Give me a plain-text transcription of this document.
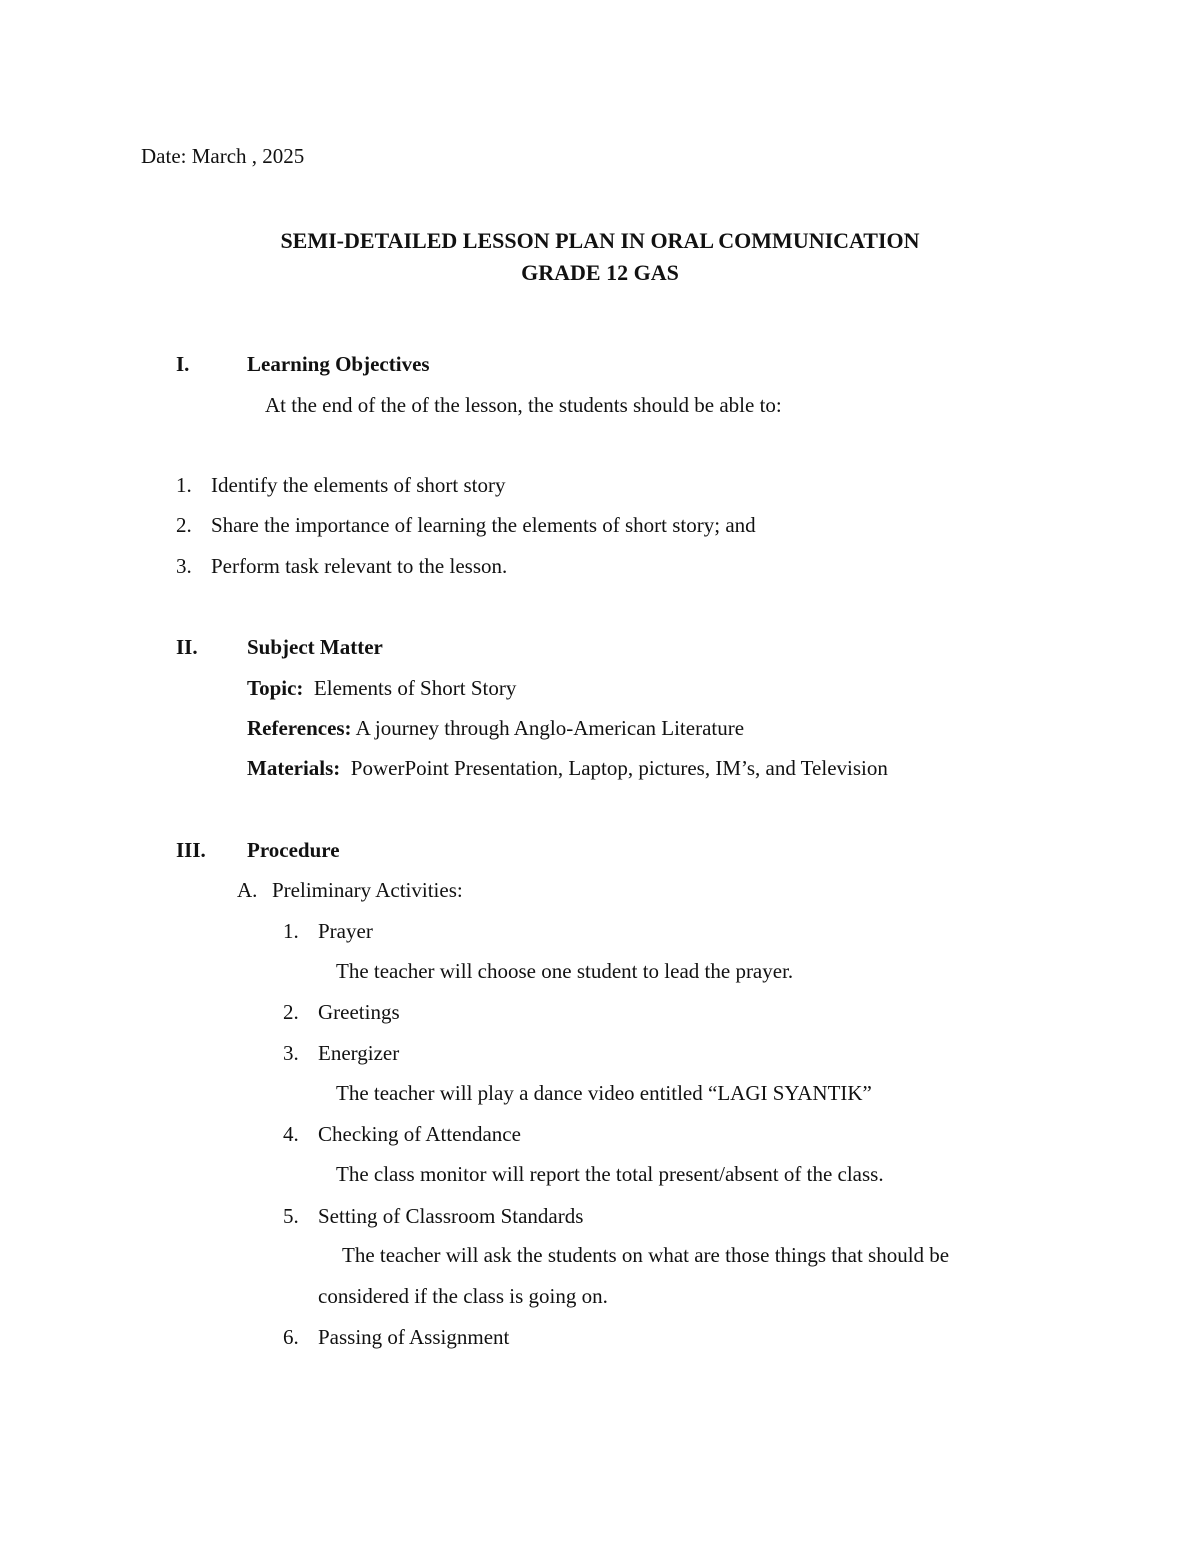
Date: March , 2025
SEMI-DETAILED LESSON PLAN IN ORAL COMMUNICATION
GRADE 12 GAS
I.	Learning Objectives
At the end of the of the lesson, the students should be able to:
1. Identify the elements of short story
2. Share the importance of learning the elements of short story; and
3. Perform task relevant to the lesson.
II. Subject Matter
Topic: Elements of Short Story
References: A journey through Anglo-American Literature
Materials: PowerPoint Presentation, Laptop, pictures, IM’s, and Television
III. Procedure
A. Preliminary Activities:
1. Prayer
The teacher will choose one student to lead the prayer.
2. Greetings
3. Energizer
The teacher will play a dance video entitled “LAGI SYANTIK”
4. Checking of Attendance
The class monitor will report the total present/absent of the class.
5. Setting of Classroom Standards
The teacher will ask the students on what are those things that should be
considered if the class is going on.
6. Passing of Assignment
